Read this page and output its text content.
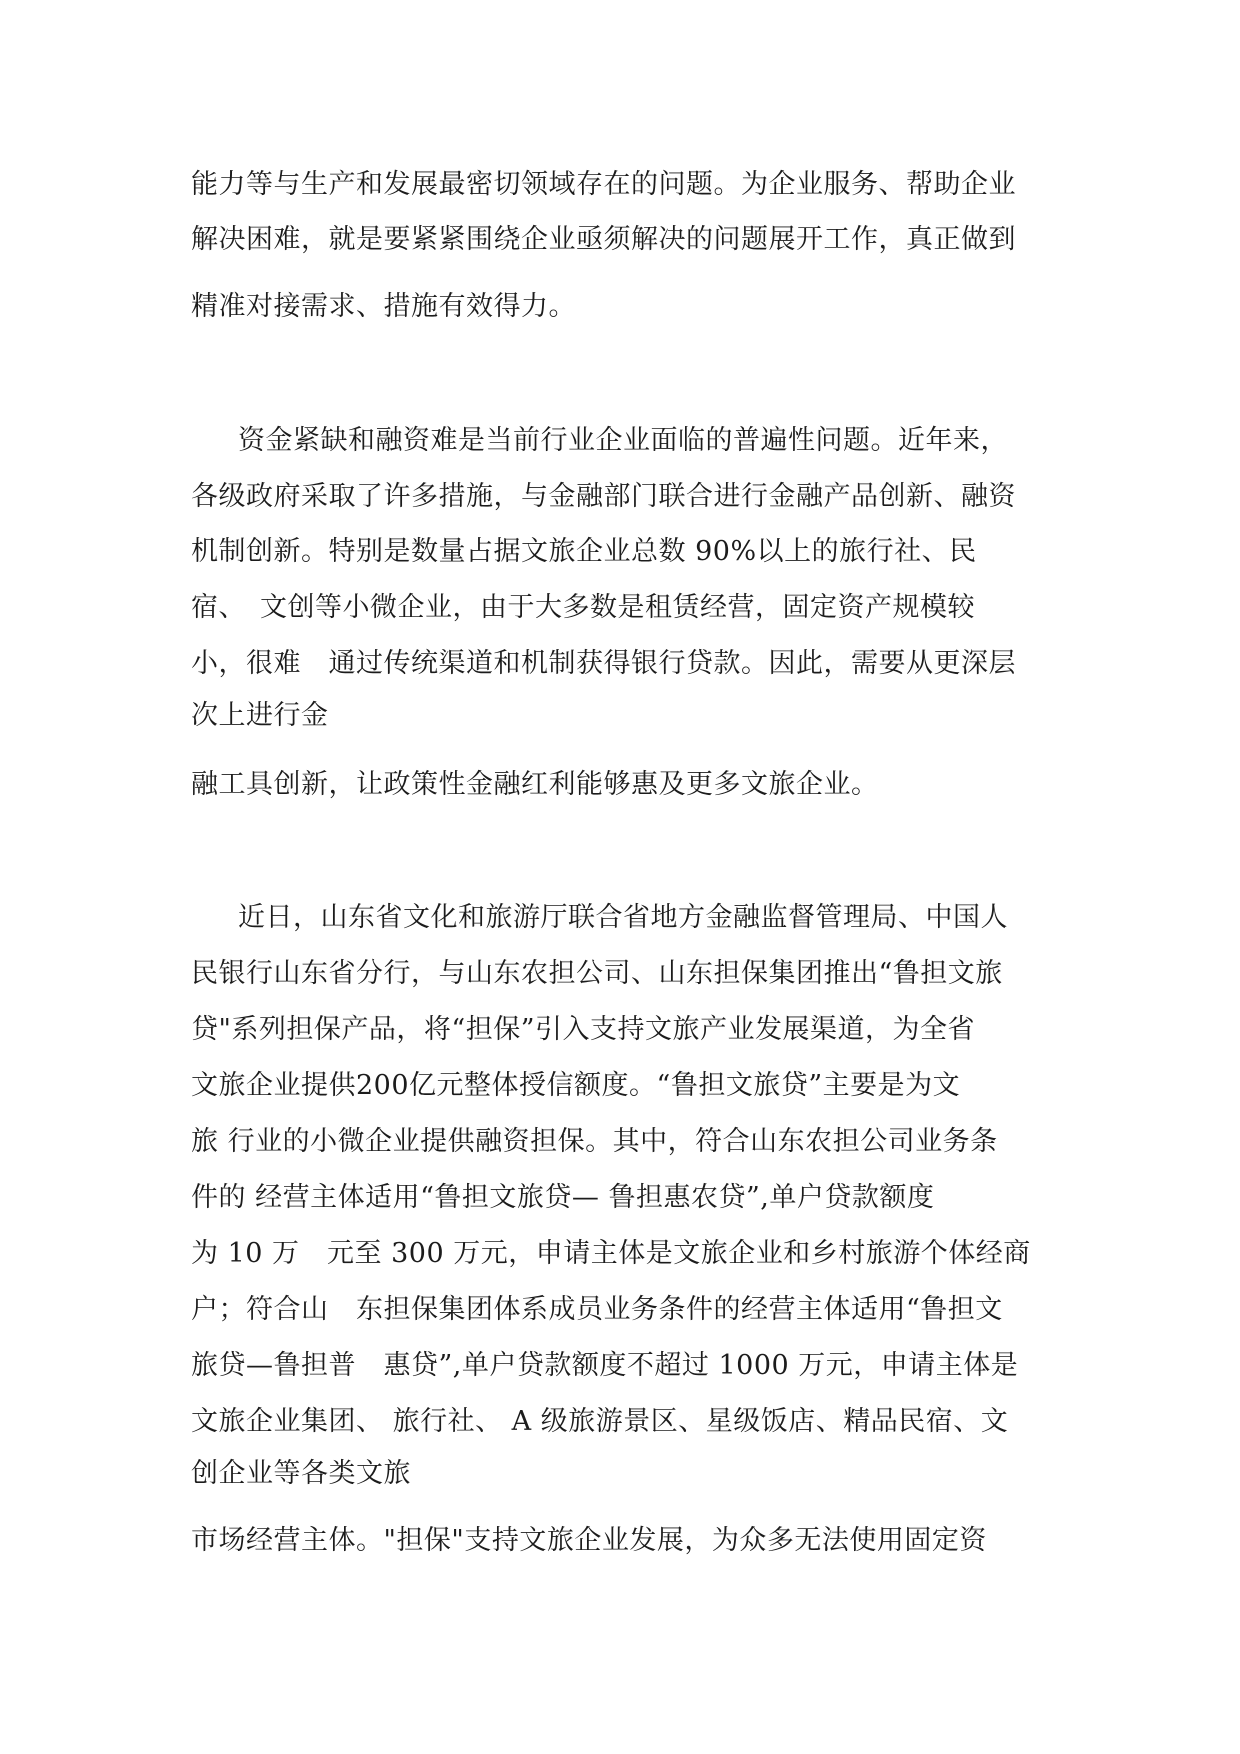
能力等与生产和发展最密切领域存在的问题。为企业服务、帮助企业

解决困难，就是要紧紧围绕企业亟须解决的问题展开工作，真正做到

精准对接需求、措施有效得力。

资金紧缺和融资难是当前行业企业面临的普遍性问题。近年来，

各级政府采取了许多措施，与金融部门联合进行金融产品创新、融资

机制创新。特别是数量占据文旅企业总数 90%以上的旅行社、民

宿、　文创等小微企业，由于大多数是租赁经营，固定资产规模较

小，很难　通过传统渠道和机制获得银行贷款。因此，需要从更深层

次上进行金

融工具创新，让政策性金融红利能够惠及更多文旅企业。

近日，山东省文化和旅游厅联合省地方金融监督管理局、中国人

民银行山东省分行，与山东农担公司、山东担保集团推出“鲁担文旅

贷"系列担保产品，将“担保”引入支持文旅产业发展渠道，为全省

文旅企业提供200亿元整体授信额度。“鲁担文旅贷”主要是为文

旅 行业的小微企业提供融资担保。其中，符合山东农担公司业务条

件的 经营主体适用“鲁担文旅贷— 鲁担惠农贷”,单户贷款额度

为 10 万　元至 300 万元，申请主体是文旅企业和乡村旅游个体经商

户；符合山　东担保集团体系成员业务条件的经营主体适用“鲁担文

旅贷—鲁担普　惠贷”,单户贷款额度不超过 1000 万元，申请主体是

文旅企业集团、 旅行社、 A 级旅游景区、星级饭店、精品民宿、文

创企业等各类文旅

市场经营主体。"担保"支持文旅企业发展，为众多无法使用固定资
